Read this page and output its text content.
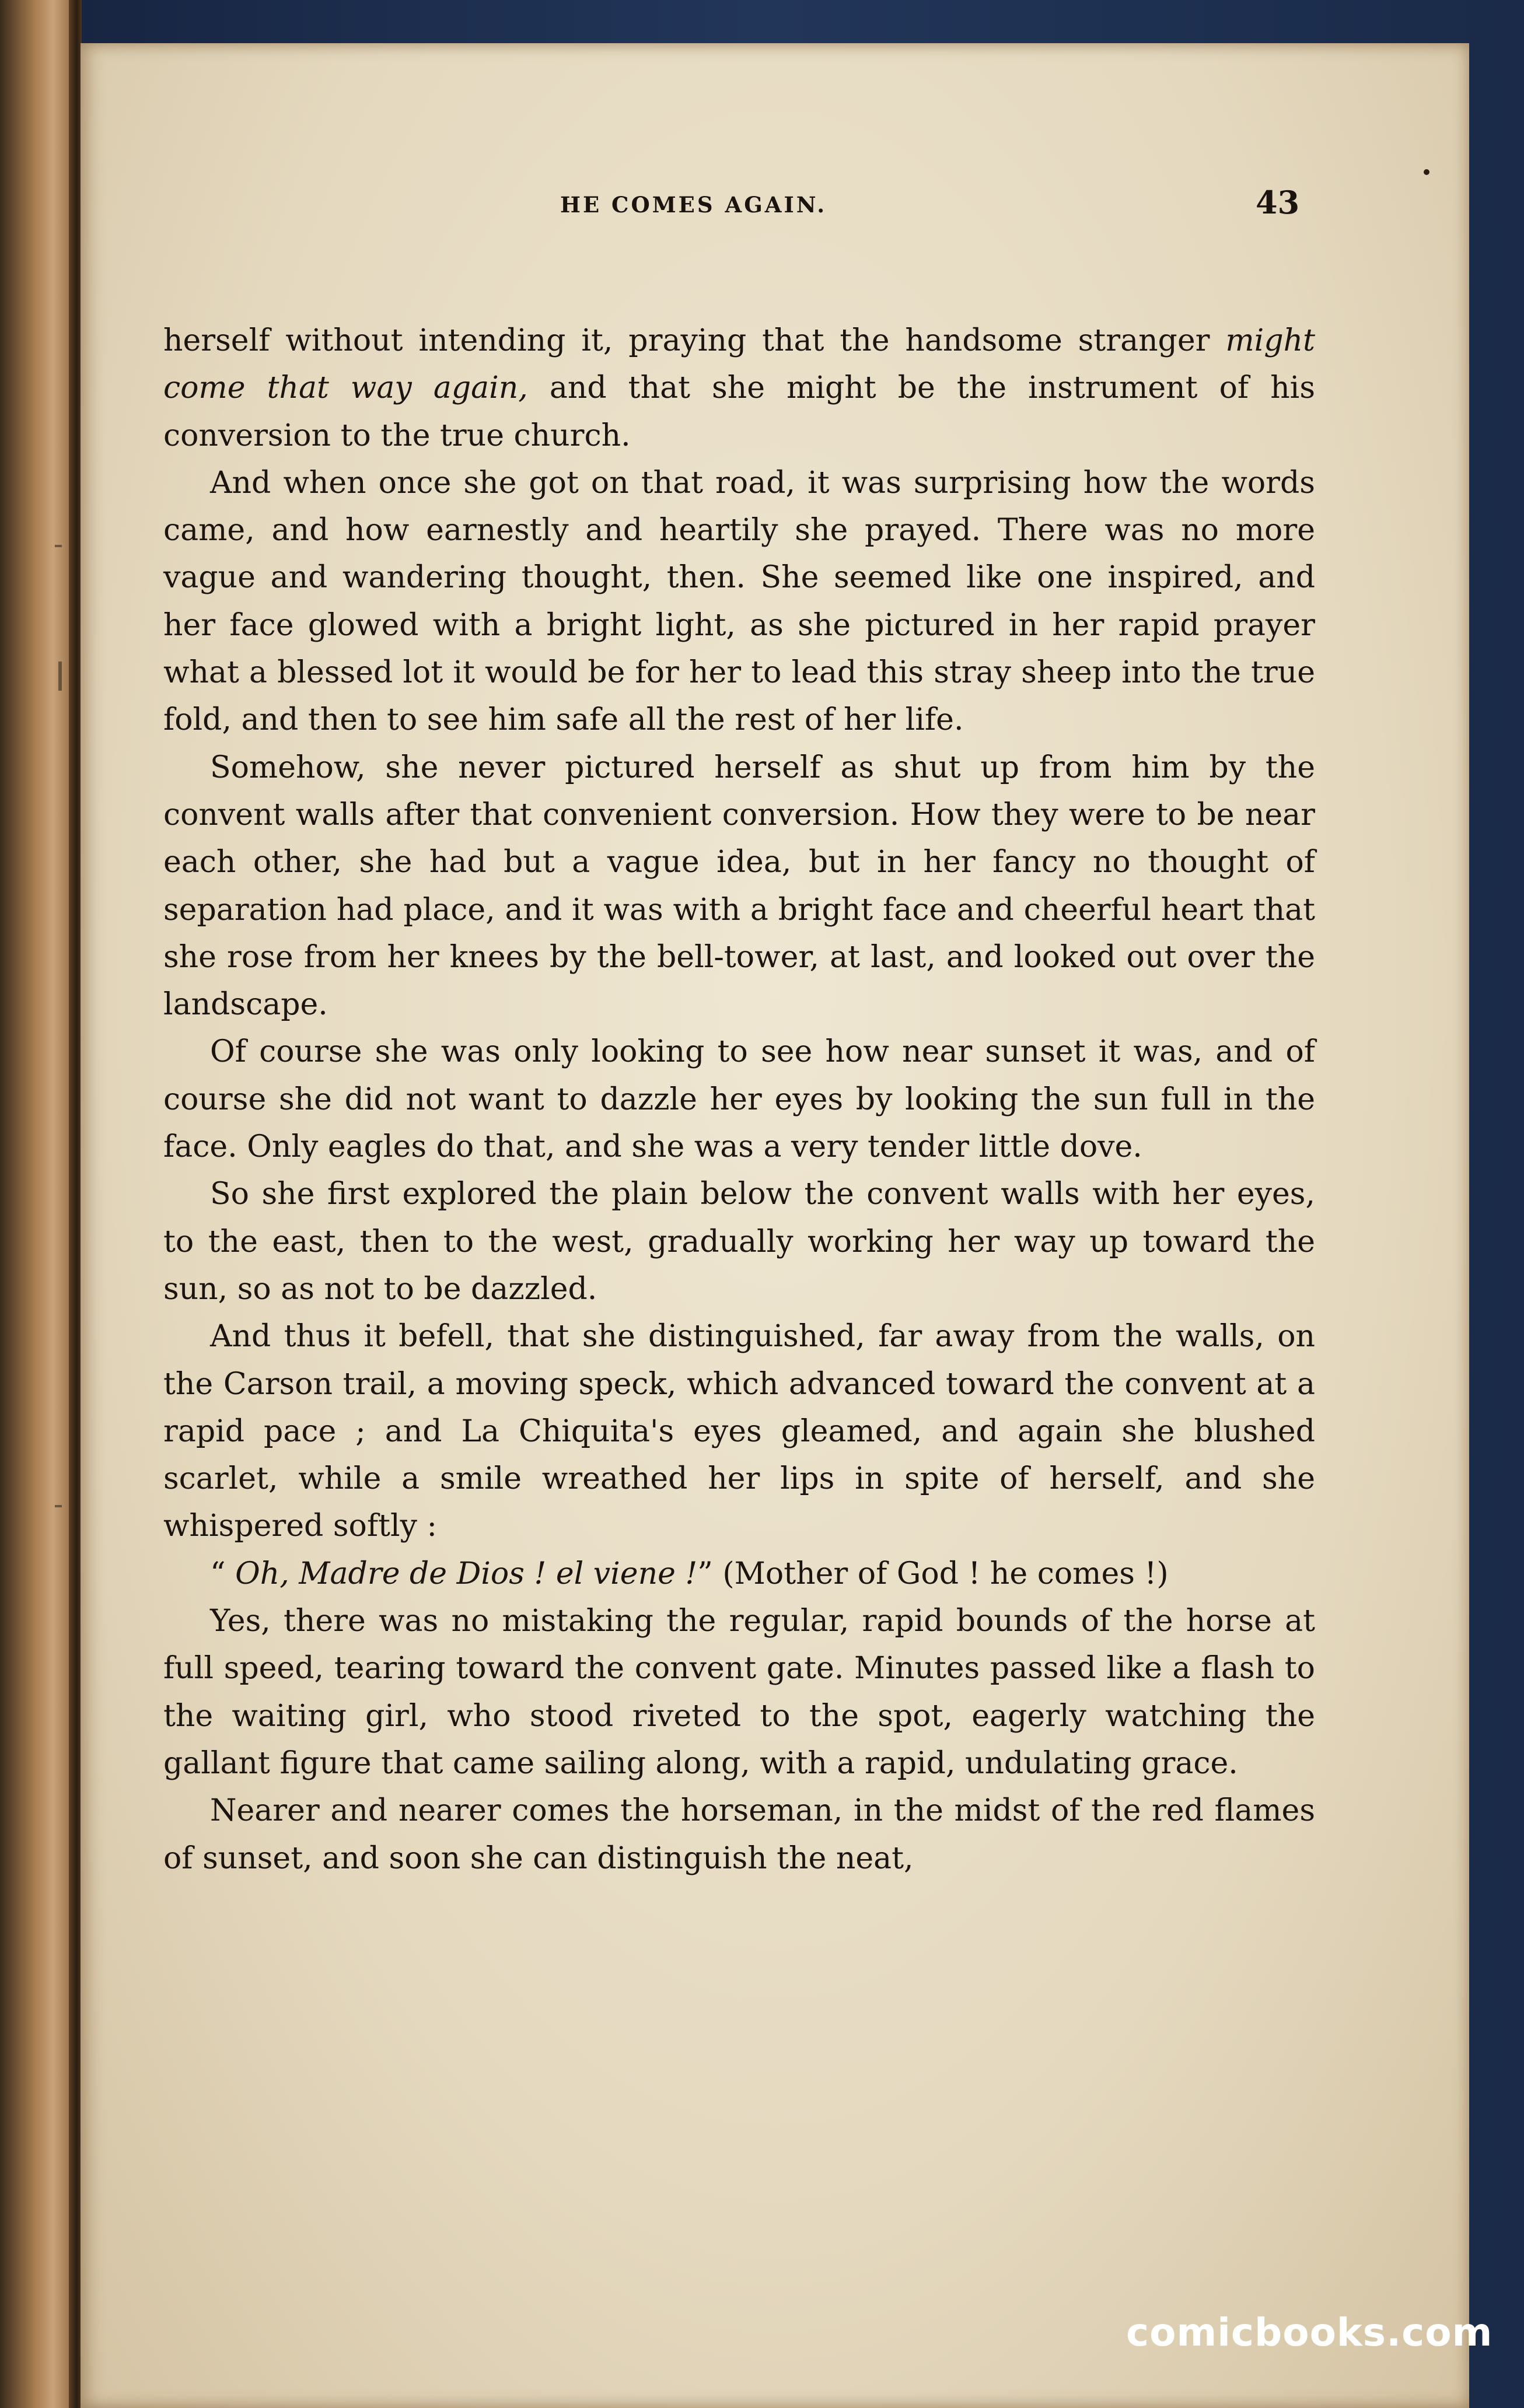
HE COMES AGAIN.	43

herself without intending it, praying that the handsome stranger might come that way again, and that she might be the instrument of his conversion to the true church.

And when once she got on that road, it was surprising how the words came, and how earnestly and heartily she prayed. There was no more vague and wandering thought, then. She seemed like one inspired, and her face glowed with a bright light, as she pictured in her rapid prayer what a blessed lot it would be for her to lead this stray sheep into the true fold, and then to see him safe all the rest of her life.

Somehow, she never pictured herself as shut up from him by the convent walls after that convenient conversion. How they were to be near each other, she had but a vague idea, but in her fancy no thought of separation had place, and it was with a bright face and cheerful heart that she rose from her knees by the bell-tower, at last, and looked out over the landscape.

Of course she was only looking to see how near sunset it was, and of course she did not want to dazzle her eyes by looking the sun full in the face. Only eagles do that, and she was a very tender little dove.

So she first explored the plain below the convent walls with her eyes, to the east, then to the west, gradually working her way up toward the sun, so as not to be dazzled.

And thus it befell, that she distinguished, far away from the walls, on the Carson trail, a moving speck, which advanced toward the convent at a rapid pace ; and La Chiquita's eyes gleamed, and again she blushed scarlet, while a smile wreathed her lips in spite of herself, and she whispered softly :

“ Oh, Madre de Dios ! el viene !” (Mother of God ! he comes !)

Yes, there was no mistaking the regular, rapid bounds of the horse at full speed, tearing toward the convent gate. Minutes passed like a flash to the waiting girl, who stood riveted to the spot, eagerly watching the gallant figure that came sailing along, with a rapid, undulating grace.

Nearer and nearer comes the horseman, in the midst of the red flames of sunset, and soon she can distinguish the neat,

comicbooks.com
